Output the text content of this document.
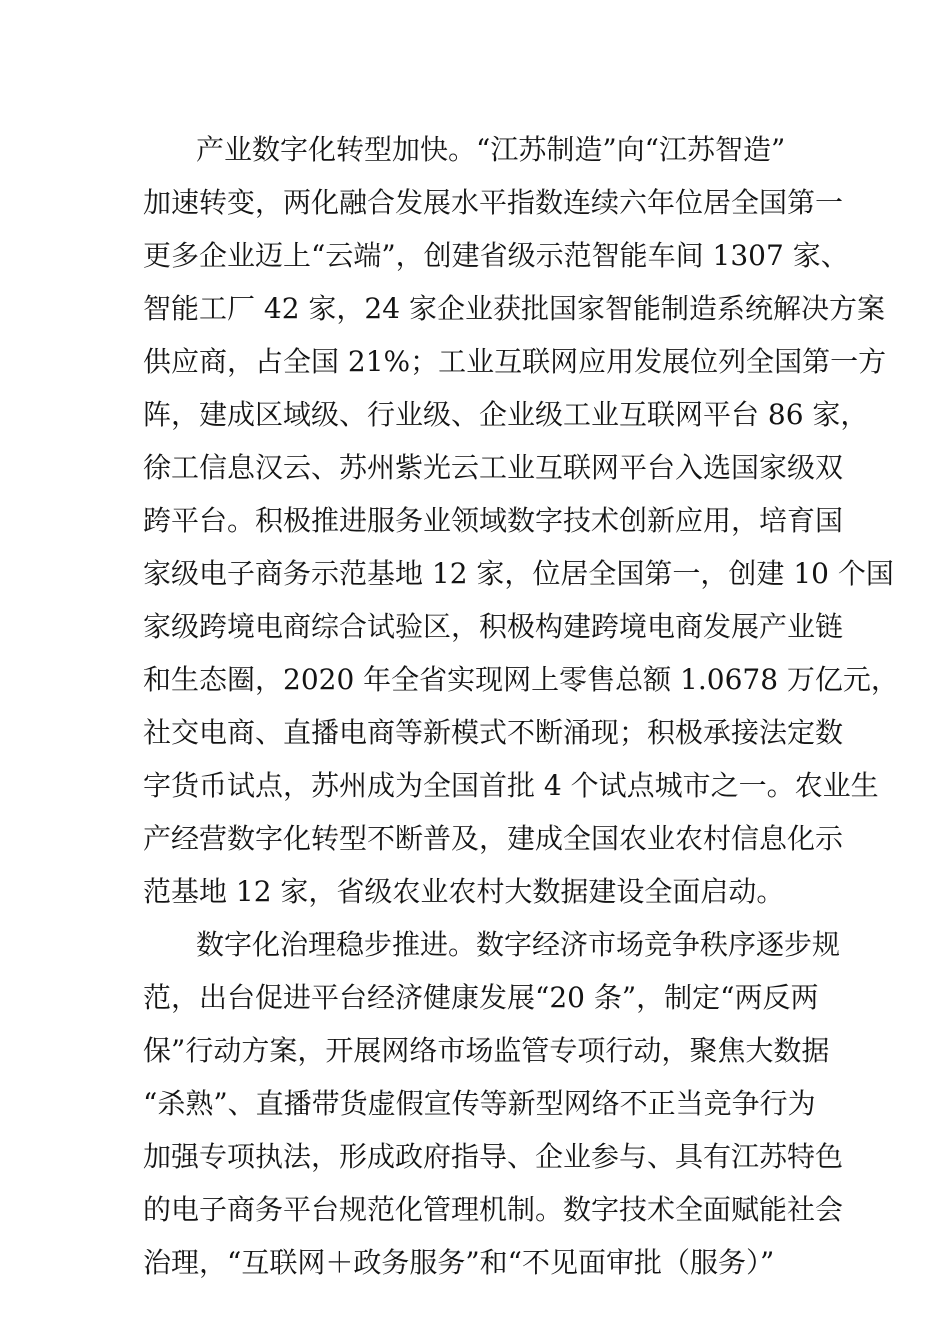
产业数字化转型加快。“江苏制造”向“江苏智造”
加速转变，两化融合发展水平指数连续六年位居全国第一
更多企业迈上“云端”，创建省级示范智能车间 1307 家、
智能工厂 42 家，24 家企业获批国家智能制造系统解决方案
供应商，占全国 21%；工业互联网应用发展位列全国第一方
阵，建成区域级、行业级、企业级工业互联网平台 86 家，
徐工信息汉云、苏州紫光云工业互联网平台入选国家级双
跨平台。积极推进服务业领域数字技术创新应用，培育国
家级电子商务示范基地 12 家，位居全国第一，创建 10 个国
家级跨境电商综合试验区，积极构建跨境电商发展产业链
和生态圈，2020 年全省实现网上零售总额 1.0678 万亿元，
社交电商、直播电商等新模式不断涌现；积极承接法定数
字货币试点，苏州成为全国首批 4 个试点城市之一。农业生
产经营数字化转型不断普及，建成全国农业农村信息化示
范基地 12 家，省级农业农村大数据建设全面启动。
数字化治理稳步推进。数字经济市场竞争秩序逐步规
范，出台促进平台经济健康发展“20 条”，制定“两反两
保”行动方案，开展网络市场监管专项行动，聚焦大数据
“杀熟”、直播带货虚假宣传等新型网络不正当竞争行为
加强专项执法，形成政府指导、企业参与、具有江苏特色
的电子商务平台规范化管理机制。数字技术全面赋能社会
治理，“互联网＋政务服务”和“不见面审批（服务）”
